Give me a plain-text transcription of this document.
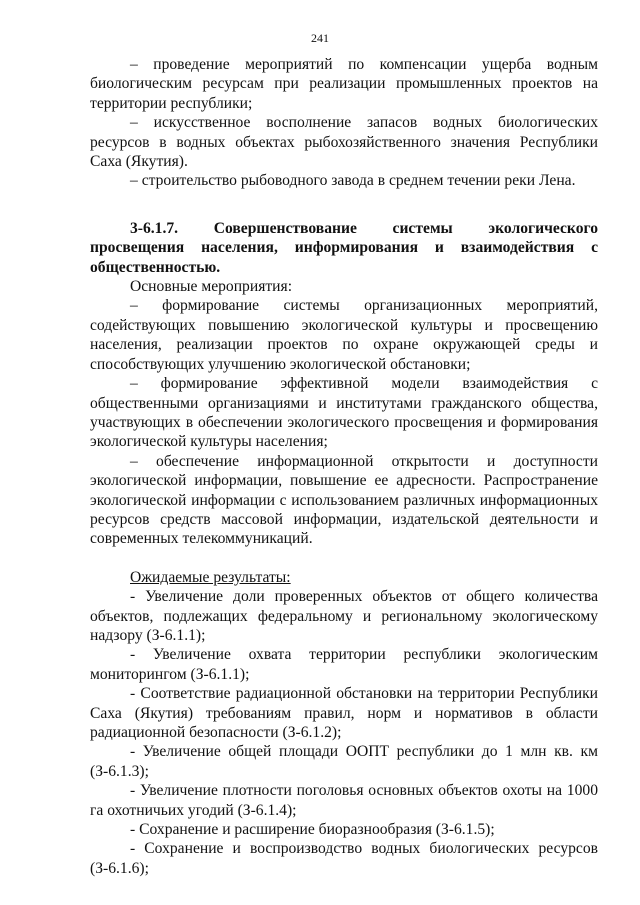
241

– проведение мероприятий по компенсации ущерба водным биологическим ресурсам при реализации промышленных проектов на территории республики;

– искусственное восполнение запасов водных биологических ресурсов в водных объектах рыбохозяйственного значения Республики Саха (Якутия).

– строительство рыбоводного завода в среднем течении реки Лена.

3-6.1.7. Совершенствование системы экологического просвещения населения, информирования и взаимодействия с общественностью.

Основные мероприятия:

– формирование системы организационных мероприятий, содействующих повышению экологической культуры и просвещению населения, реализации проектов по охране окружающей среды и способствующих улучшению экологической обстановки;

– формирование эффективной модели взаимодействия с общественными организациями и институтами гражданского общества, участвующих в обеспечении экологического просвещения и формирования экологической культуры населения;

– обеспечение информационной открытости и доступности экологической информации, повышение ее адресности. Распространение экологической информации с использованием различных информационных ресурсов средств массовой информации, издательской деятельности и современных телекоммуникаций.

Ожидаемые результаты:

- Увеличение доли проверенных объектов от общего количества объектов, подлежащих федеральному и региональному экологическому надзору (З-6.1.1);

- Увеличение охвата территории республики экологическим мониторингом (З-6.1.1);

- Соответствие радиационной обстановки на территории Республики Саха (Якутия) требованиям правил, норм и нормативов в области радиационной безопасности (З-6.1.2);

- Увеличение общей площади ООПТ республики до 1 млн кв. км (З-6.1.3);

- Увеличение плотности поголовья основных объектов охоты на 1000 га охотничьих угодий (З-6.1.4);

- Сохранение и расширение биоразнообразия (З-6.1.5);

- Сохранение и воспроизводство водных биологических ресурсов (З-6.1.6);
